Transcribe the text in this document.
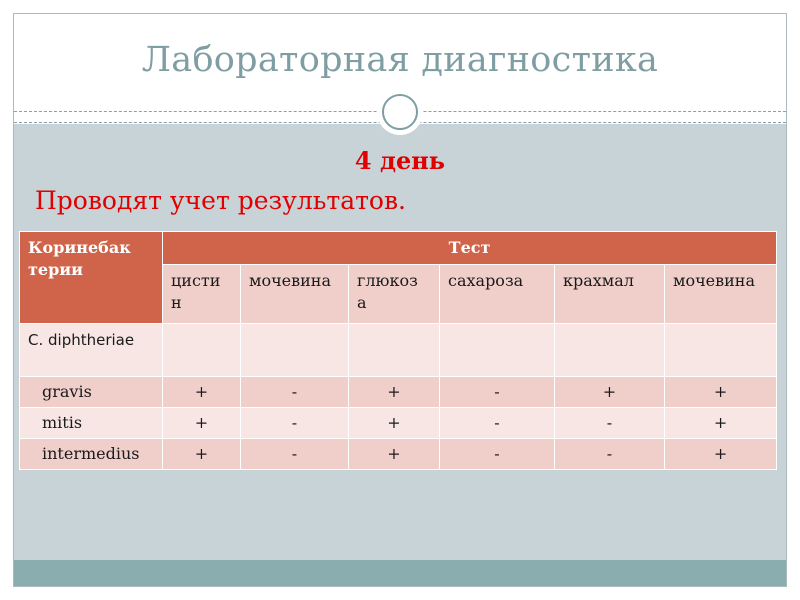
Лабораторная диагностика
4 день
Проводят учет результатов.
Коринебак терии	Тест					
	цисти н	мочевина	глюкоз а	сахароза	крахмал	мочевина
C. diphtheriae						
gravis	+	-	+	-	+	+
mitis	+	-	+	-	-	+
intermedius	+	-	+	-	-	+
